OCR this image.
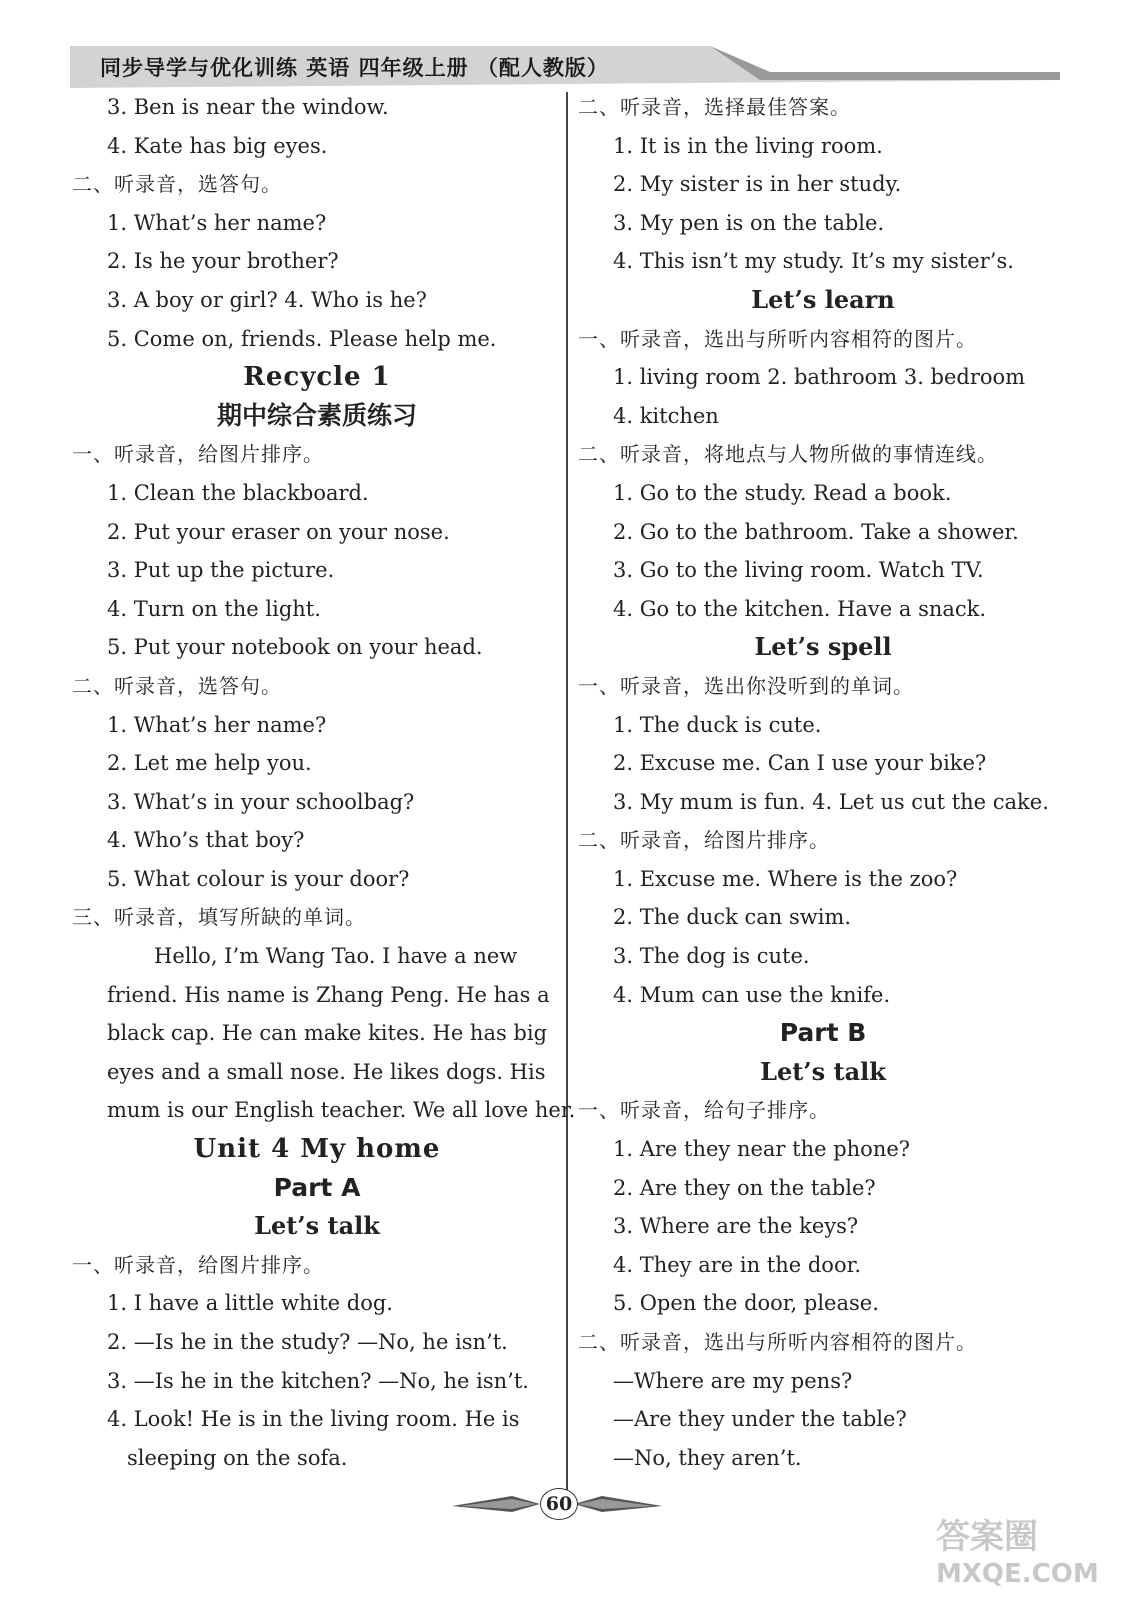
同步导学与优化训练 英语 四年级上册 （配人教版）
3. Ben is near the window.
4. Kate has big eyes.
二、听录音，选答句。
1. What’s her name?
2. Is he your brother?
3. A boy or girl? 4. Who is he?
5. Come on, friends. Please help me.
Recycle 1
期中综合素质练习
一、听录音，给图片排序。
1. Clean the blackboard.
2. Put your eraser on your nose.
3. Put up the picture.
4. Turn on the light.
5. Put your notebook on your head.
二、听录音，选答句。
1. What’s her name?
2. Let me help you.
3. What’s in your schoolbag?
4. Who’s that boy?
5. What colour is your door?
三、听录音，填写所缺的单词。
Hello, I’m Wang Tao. I have a new
friend. His name is Zhang Peng. He has a
black cap. He can make kites. He has big
eyes and a small nose. He likes dogs. His
mum is our English teacher. We all love her.
Unit 4 My home
Part A
Let’s talk
一、听录音，给图片排序。
1. I have a little white dog.
2. —Is he in the study? —No, he isn’t.
3. —Is he in the kitchen? —No, he isn’t.
4. Look! He is in the living room. He is
sleeping on the sofa.
二、听录音，选择最佳答案。
1. It is in the living room.
2. My sister is in her study.
3. My pen is on the table.
4. This isn’t my study. It’s my sister’s.
Let’s learn
一、听录音，选出与所听内容相符的图片。
1. living room 2. bathroom 3. bedroom
4. kitchen
二、听录音，将地点与人物所做的事情连线。
1. Go to the study. Read a book.
2. Go to the bathroom. Take a shower.
3. Go to the living room. Watch TV.
4. Go to the kitchen. Have a snack.
Let’s spell
一、听录音，选出你没听到的单词。
1. The duck is cute.
2. Excuse me. Can I use your bike?
3. My mum is fun. 4. Let us cut the cake.
二、听录音，给图片排序。
1. Excuse me. Where is the zoo?
2. The duck can swim.
3. The dog is cute.
4. Mum can use the knife.
Part B
Let’s talk
一、听录音，给句子排序。
1. Are they near the phone?
2. Are they on the table?
3. Where are the keys?
4. They are in the door.
5. Open the door, please.
二、听录音，选出与所听内容相符的图片。
—Where are my pens?
—Are they under the table?
—No, they aren’t.
60
答案圈
MXQE.COM
